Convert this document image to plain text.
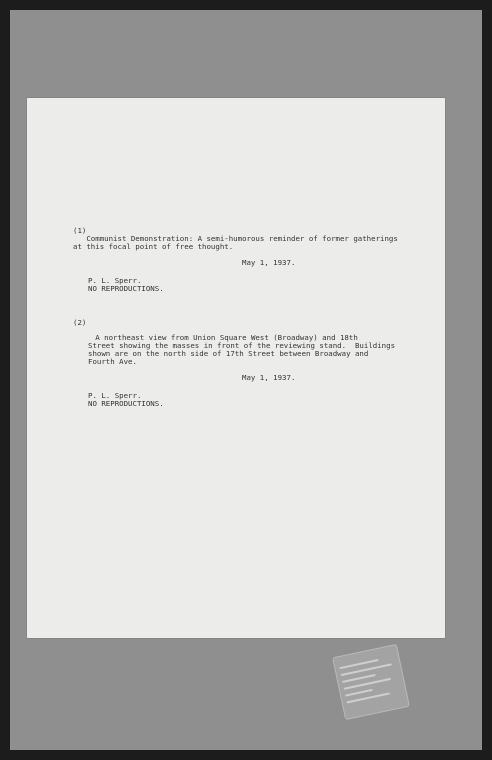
(1)
Communist Demonstration: A semi-humorous reminder of former gatherings
at this focal point of free thought.
May 1, 1937.
P. L. Sperr.
NO REPRODUCTIONS.
(2)
A northeast view from Union Square West (Broadway) and 18th
Street showing the masses in front of the reviewing stand.  Buildings
shown are on the north side of 17th Street between Broadway and
Fourth Ave.
May 1, 1937.
P. L. Sperr.
NO REPRODUCTIONS.
